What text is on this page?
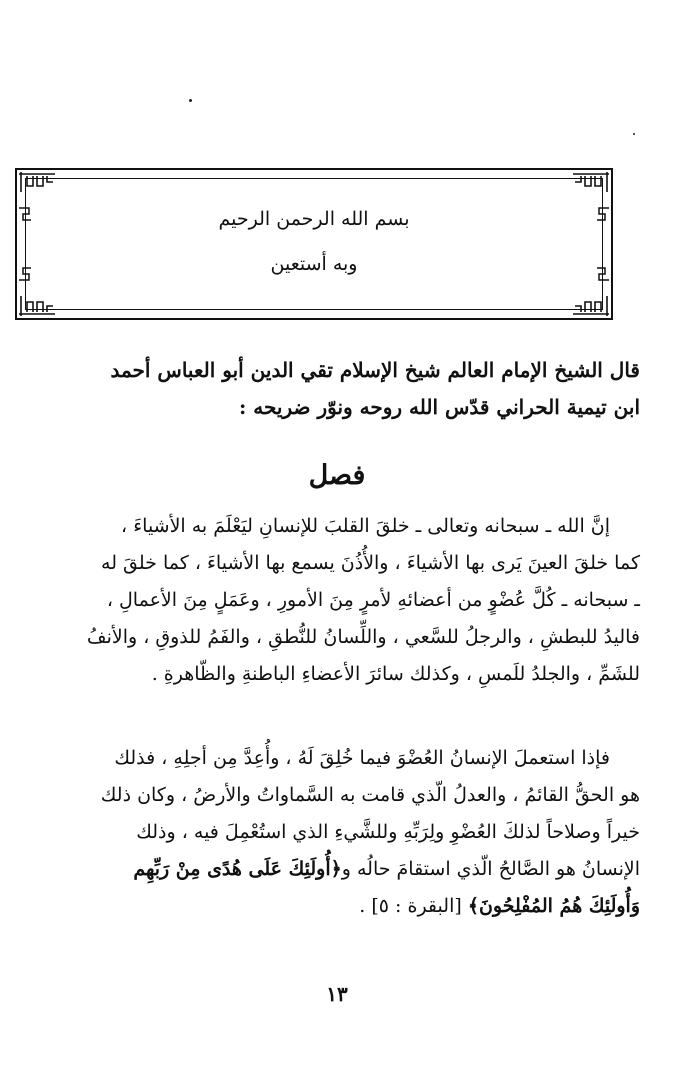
بسم الله الرحمن الرحيم
وبه أستعين
قال الشيخ الإمام العالم شيخ الإسلام تقي الدين أبو العباس أحمد
ابن تيمية الحراني قدّس الله روحه ونوّر ضريحه :
فصل
إنَّ الله ـ سبحانه وتعالى ـ خلقَ القلبَ للإنسانِ ليَعْلَمَ به الأشياءَ ،
كما خلقَ العينَ يَرى بها الأشياءَ ، والأُذُنَ يسمع بها الأشياءَ ، كما خلقَ له
ـ سبحانه ـ كُلَّ عُضْوٍ من أعضائهِ لأمرٍ مِنَ الأمورِ ، وعَمَلٍ مِنَ الأعمالِ ،
فاليدُ للبطشِ ، والرجلُ للسَّعي ، واللِّسانُ للنُّطقِ ، والفَمُ للذوقِ ، والأنفُ
للشَمِّ ، والجلدُ للَمسِ ، وكذلك سائرَ الأعضاءِ الباطنةِ والظّاهرةِ .
فإذا استعملَ الإنسانُ العُضْوَ فيما خُلِقَ لَهُ ، وأُعِدَّ مِن أجلِهِ ، فذلك
هو الحقُّ القائمُ ، والعدلُ الّذي قامت به السَّماواتُ والأرضُ ، وكان ذلك
خيراً وصلاحاً لذلكَ العُضْوِ ولِرَبِّهِ وللشَّيءِ الذي استُعْمِلَ فيه ، وذلك
الإنسانُ هو الصَّالحُ الّذي استقامَ حالُه و﴿أُولَئِكَ عَلَى هُدًى مِنْ رَبِّهِم
وَأُولَئِكَ هُمُ المُفْلِحُونَ﴾ [البقرة : ٥] .
١٣
